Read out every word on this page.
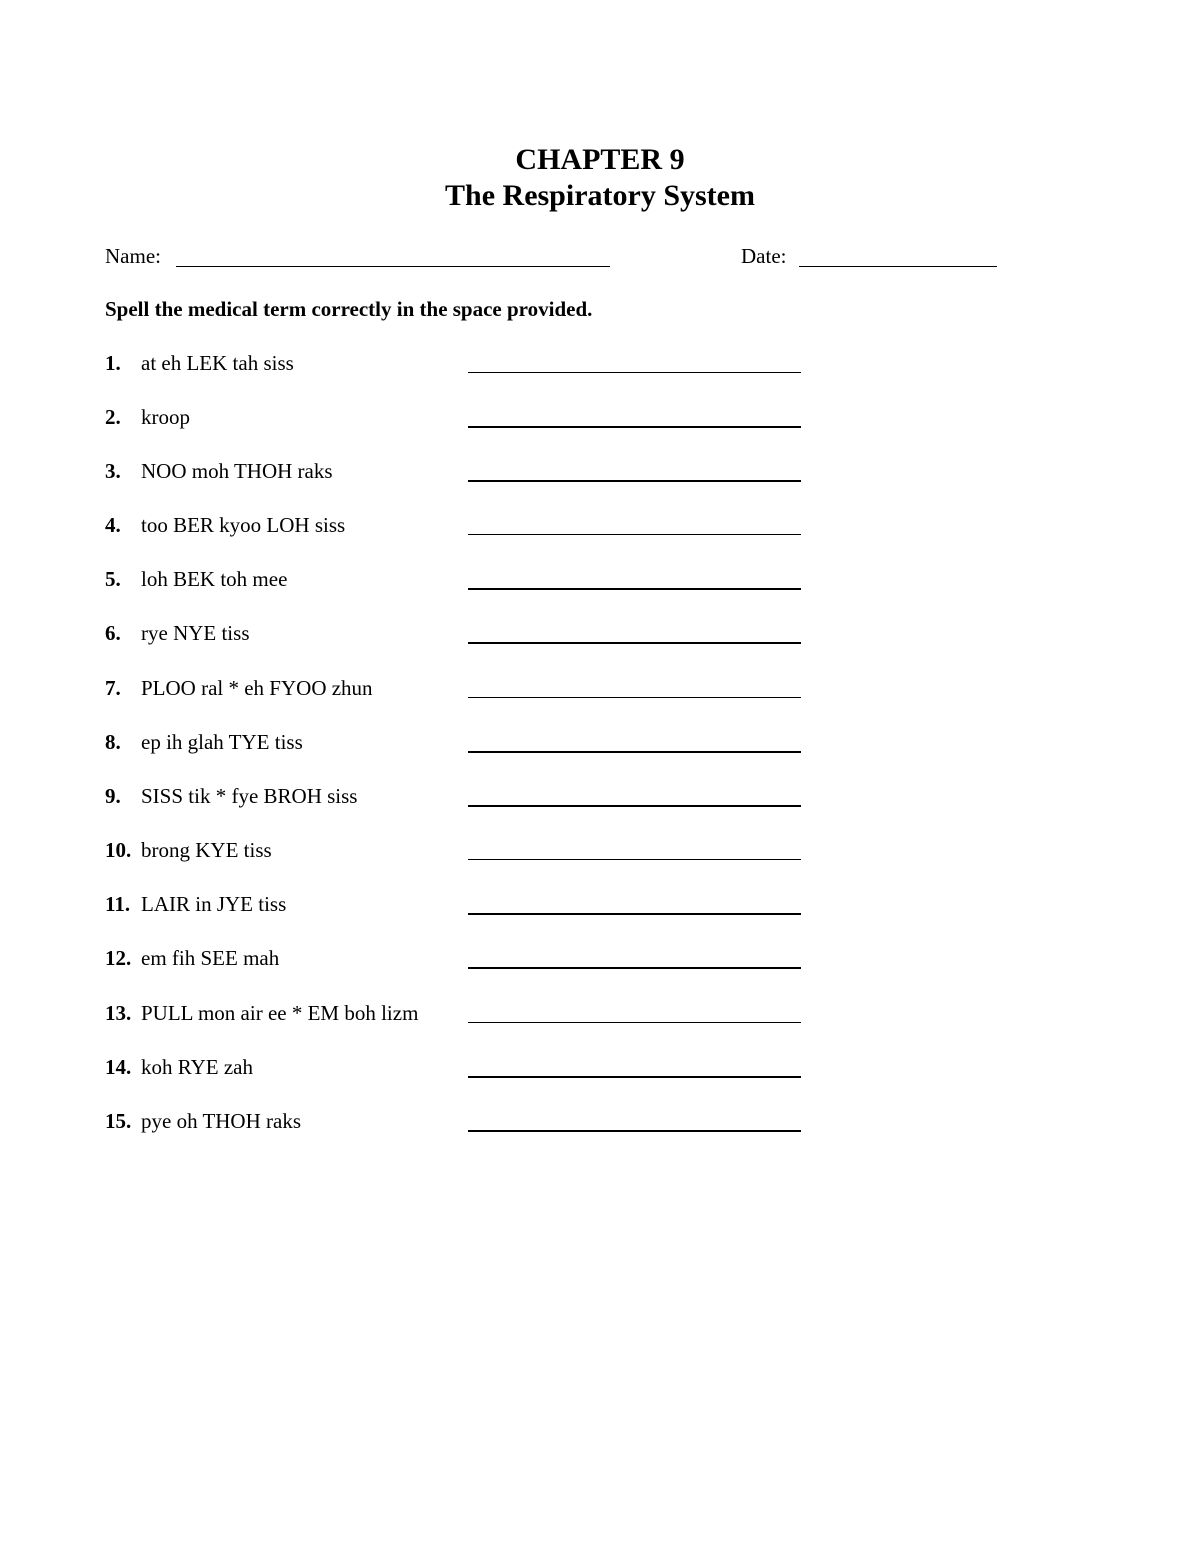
CHAPTER 9
The Respiratory System
Name:	Date:
Spell the medical term correctly in the space provided.
1. at eh LEK tah siss
2. kroop
3. NOO moh THOH raks
4. too BER kyoo LOH siss
5. loh BEK toh mee
6. rye NYE tiss
7. PLOO ral * eh FYOO zhun
8. ep ih glah TYE tiss
9. SISS tik * fye BROH siss
10. brong KYE tiss
11. LAIR in JYE tiss
12. em fih SEE mah
13. PULL mon air ee * EM boh lizm
14. koh RYE zah
15. pye oh THOH raks
